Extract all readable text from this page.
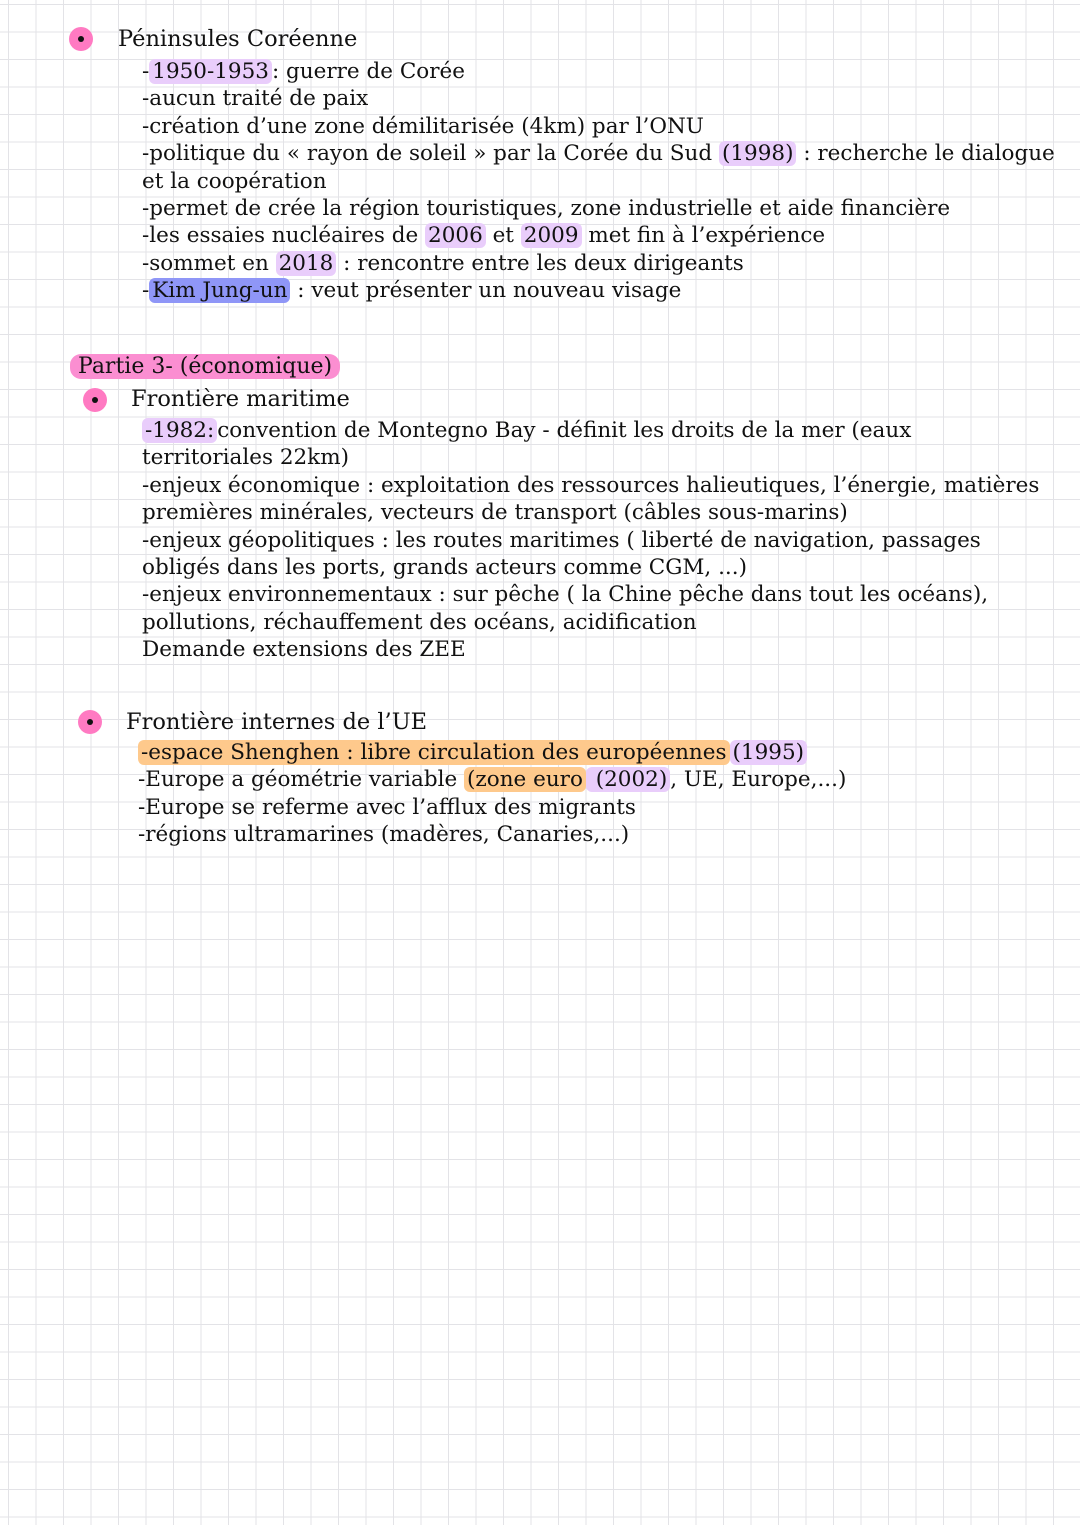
Péninsules Coréenne
- 1950-1953 : guerre de Corée
-aucun traité de paix
-création d’une zone démilitarisée (4km) par l’ONU
-politique du « rayon de soleil » par la Corée du Sud (1998) : recherche le dialogue
et la coopération
-permet de crée la région touristiques, zone industrielle et aide financière
-les essaies nucléaires de 2006 et 2009 met fin à l’expérience
-sommet en 2018 : rencontre entre les deux dirigeants
- Kim Jung-un : veut présenter un nouveau visage
Partie 3- (économique)
Frontière maritime
-1982: convention de Montegno Bay - définit les droits de la mer (eaux
territoriales 22km)
-enjeux économique : exploitation des ressources halieutiques, l’énergie, matières
premières minérales, vecteurs de transport (câbles sous-marins)
-enjeux géopolitiques : les routes maritimes ( liberté de navigation, passages
obligés dans les ports, grands acteurs comme CGM, ...)
-enjeux environnementaux : sur pêche ( la Chine pêche dans tout les océans),
pollutions, réchauffement des océans, acidification
Demande extensions des ZEE
Frontière internes de l’UE
-espace Shenghen : libre circulation des européennes (1995)
-Europe a géométrie variable (zone euro (2002) , UE, Europe,...)
-Europe se referme avec l’afflux des migrants
-régions ultramarines (madères, Canaries,...)
